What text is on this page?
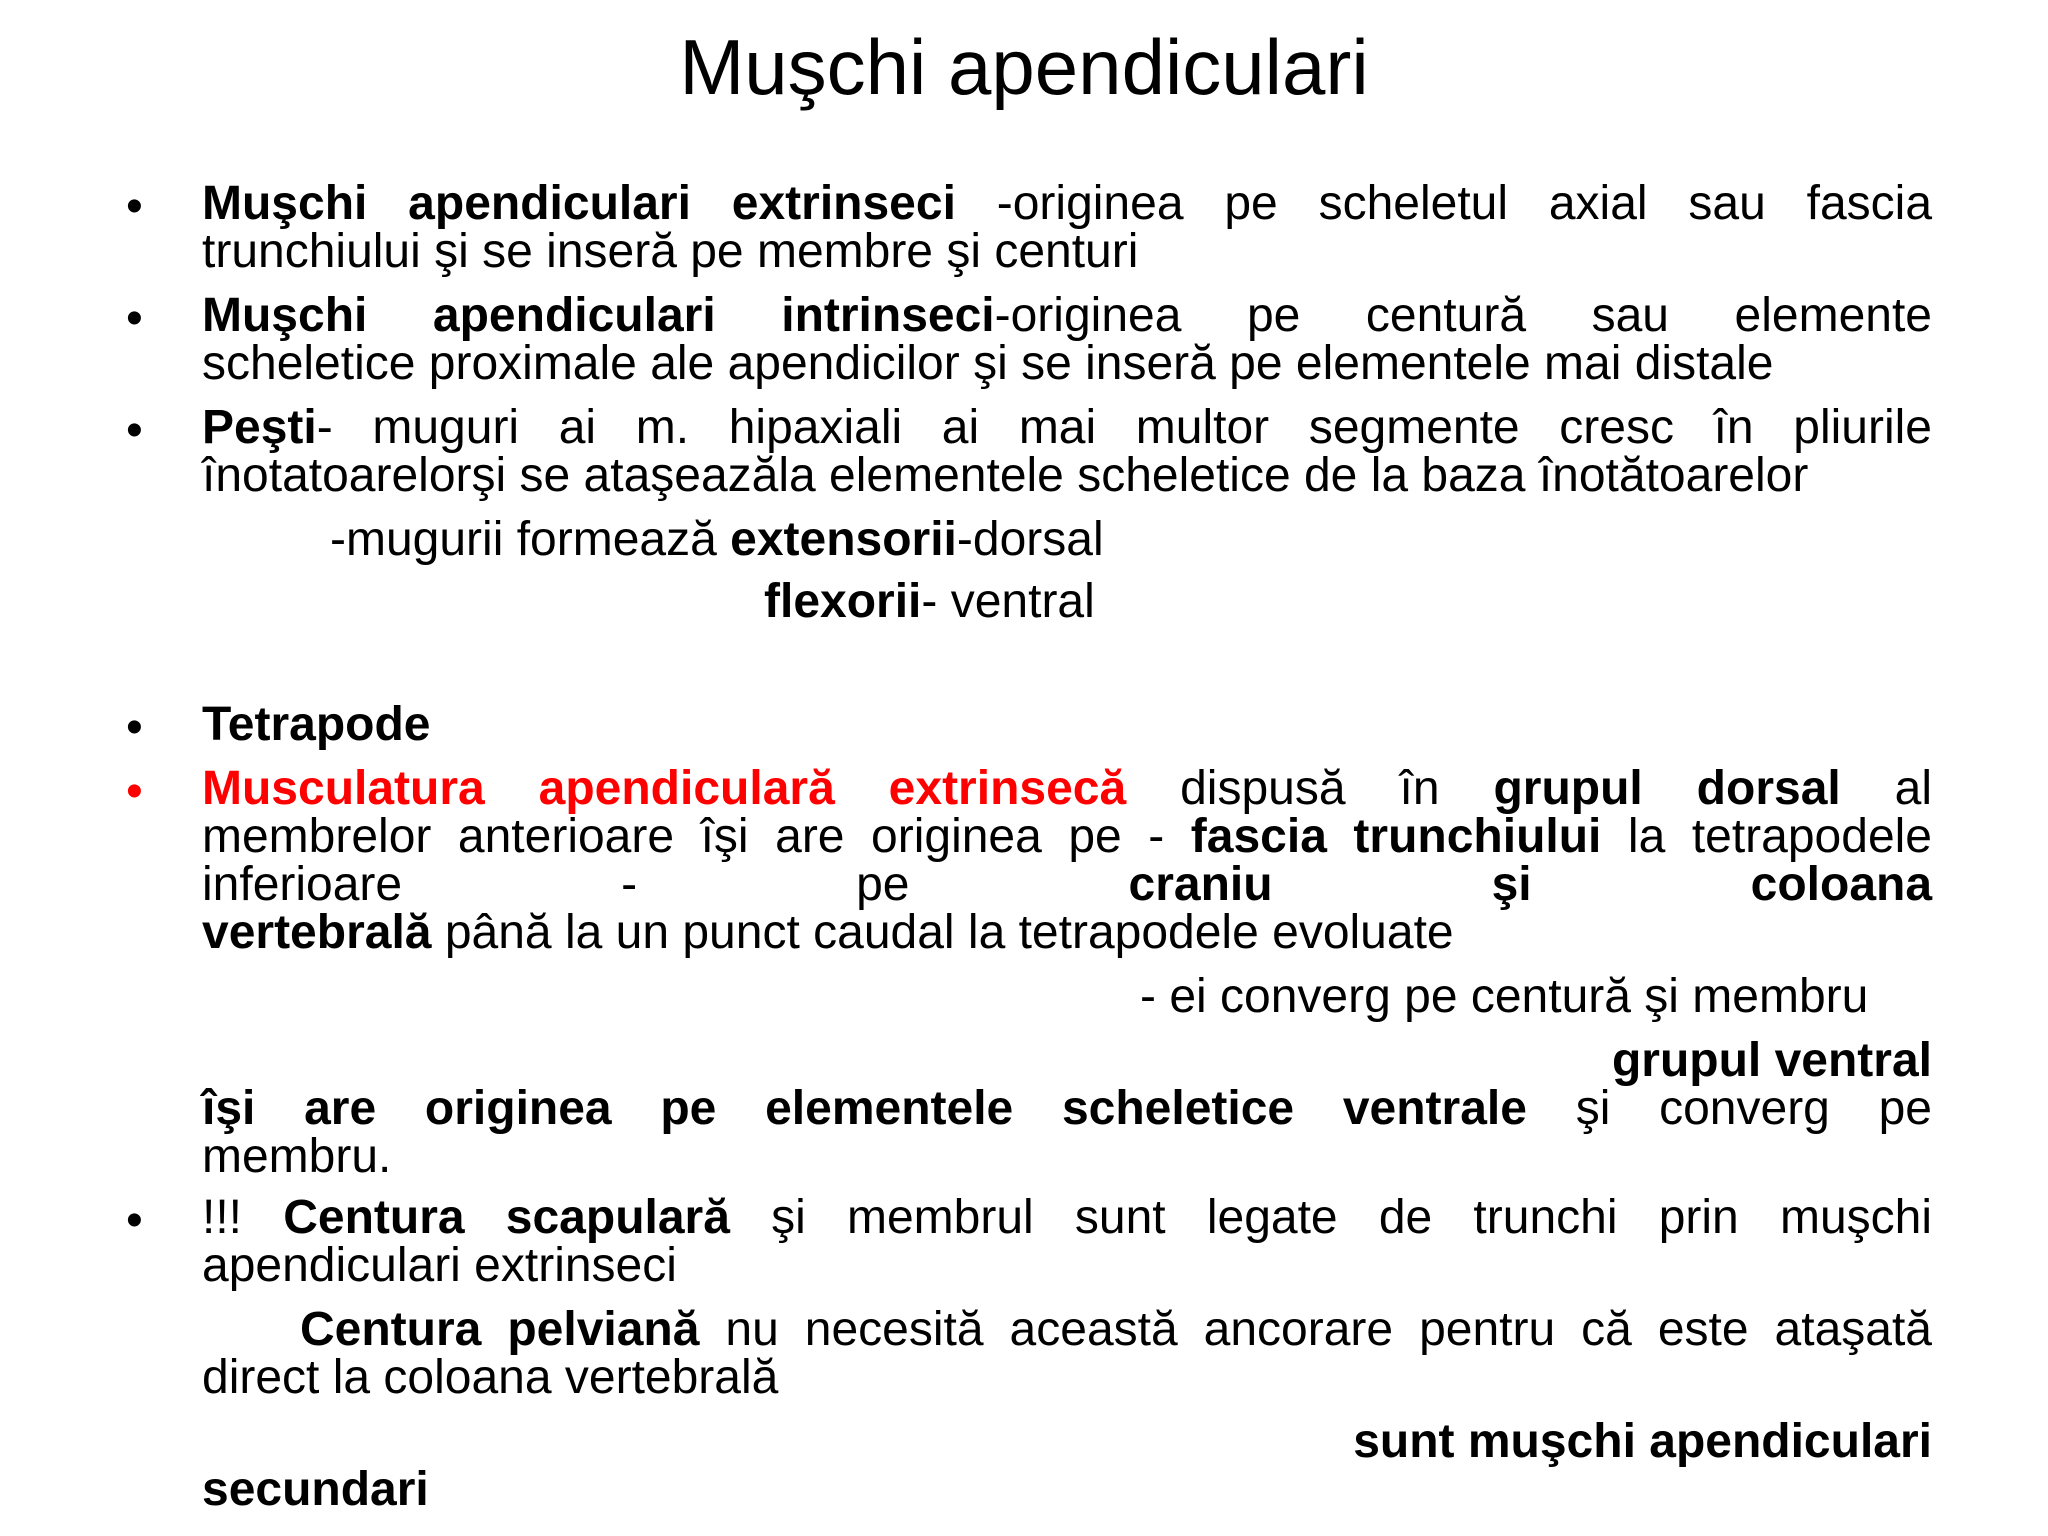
Muşchi apendiculari
• Muşchi apendiculari extrinseci -originea pe scheletul axial sau fascia
trunchiului şi se inseră pe membre şi centuri
• Muşchi apendiculari intrinseci-originea pe centură sau elemente
scheletice proximale ale apendicilor şi se inseră pe elementele mai distale
• Peşti- muguri ai m. hipaxiali ai mai multor segmente cresc în pliurile
înotatoarelorşi se ataşeazăla elementele scheletice de la baza înotătoarelor
-mugurii formează extensorii-dorsal
flexorii- ventral
• Tetrapode
• Musculatura apendiculară extrinsecă dispusă în grupul dorsal al
membrelor anterioare îşi are originea pe - fascia trunchiului la tetrapodele
inferioare	- pe	craniu	şi	coloana
vertebrală până la un punct caudal la tetrapodele evoluate
- ei converg pe centură şi membru
grupul ventral
îşi are originea pe elementele scheletice ventrale şi converg pe
membru.
• !!! Centura scapulară şi membrul sunt legate de trunchi prin muşchi
apendiculari extrinseci
Centura pelviană nu necesită această ancorare pentru că este ataşată
direct la coloana vertebrală
sunt muşchi apendiculari
secundari
